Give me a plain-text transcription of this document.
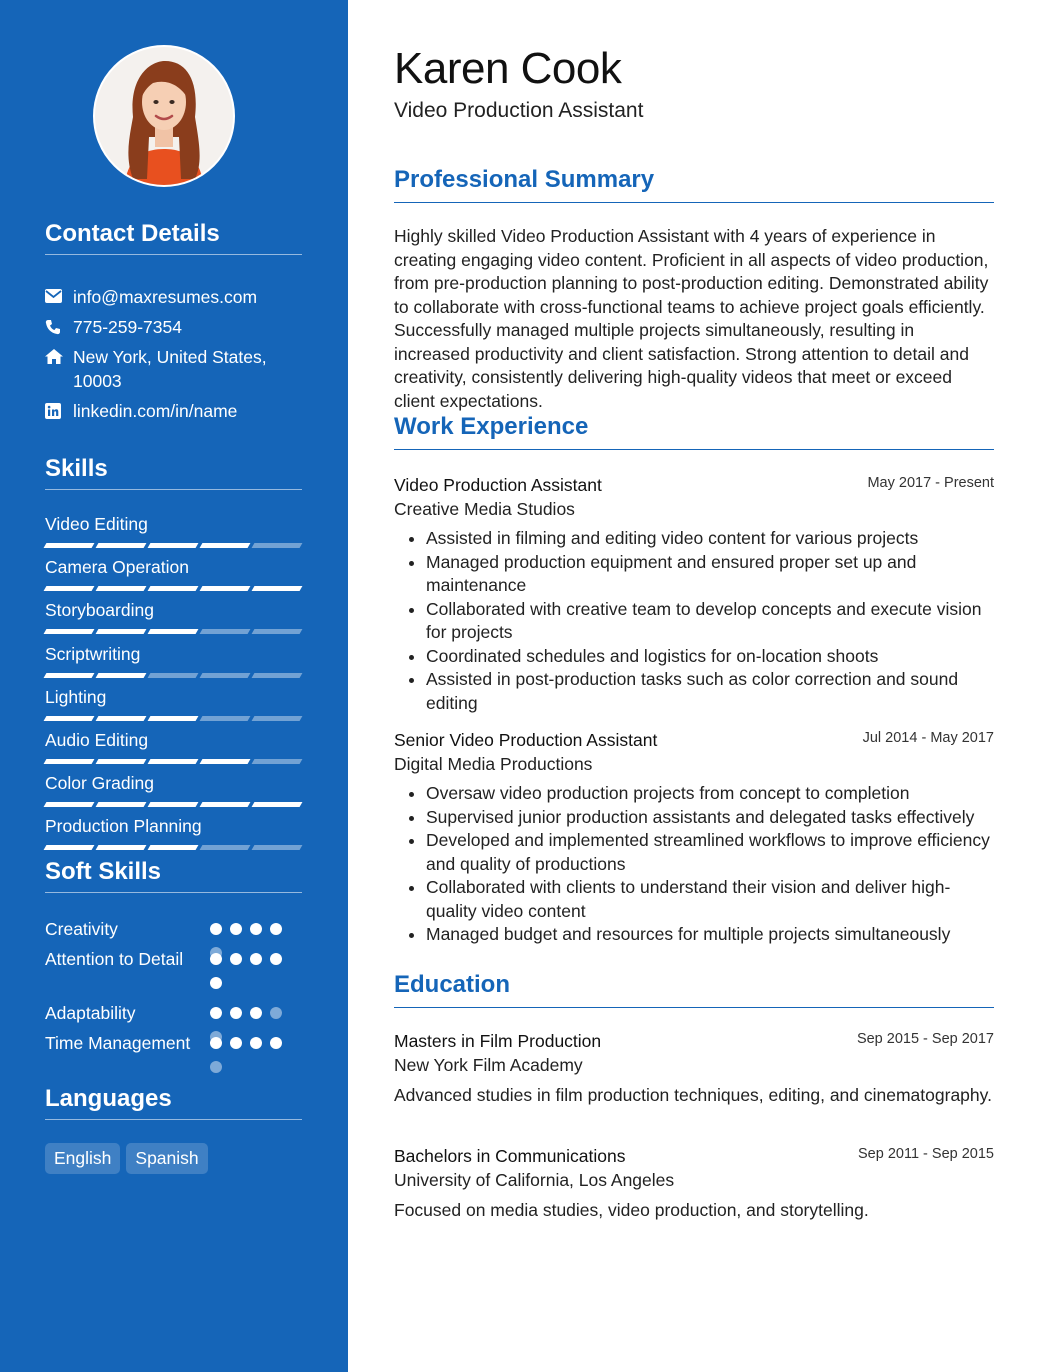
Contact Details
info@maxresumes.com
775-259-7354
New York, United States,
10003
linkedin.com/in/name
Skills
Video Editing
Camera Operation
Storyboarding
Scriptwriting
Lighting
Audio Editing
Color Grading
Production Planning
Soft Skills
Creativity
Attention to Detail
Adaptability
Time Management
Languages
English	Spanish
Karen Cook
Video Production Assistant
Professional Summary

Highly skilled Video Production Assistant with 4 years of experience in creating engaging video content. Proficient in all aspects of video production, from pre-production planning to post-production editing. Demonstrated ability to collaborate with cross-functional teams to achieve project goals efficiently. Successfully managed multiple projects simultaneously, resulting in increased productivity and client satisfaction. Strong attention to detail and creativity, consistently delivering high-quality videos that meet or exceed client expectations.

Work Experience
Video Production Assistant	May 2017 - Present
Creative Media Studios
• Assisted in filming and editing video content for various projects
• Managed production equipment and ensured proper set up and maintenance
• Collaborated with creative team to develop concepts and execute vision for projects
• Coordinated schedules and logistics for on-location shoots
• Assisted in post-production tasks such as color correction and sound editing
Senior Video Production Assistant	Jul 2014 - May 2017
Digital Media Productions
• Oversaw video production projects from concept to completion
• Supervised junior production assistants and delegated tasks effectively
• Developed and implemented streamlined workflows to improve efficiency and quality of productions
• Collaborated with clients to understand their vision and deliver high-quality video content
• Managed budget and resources for multiple projects simultaneously
Education
Masters in Film Production	Sep 2015 - Sep 2017
New York Film Academy
Advanced studies in film production techniques, editing, and cinematography.
Bachelors in Communications	Sep 2011 - Sep 2015
University of California, Los Angeles
Focused on media studies, video production, and storytelling.
